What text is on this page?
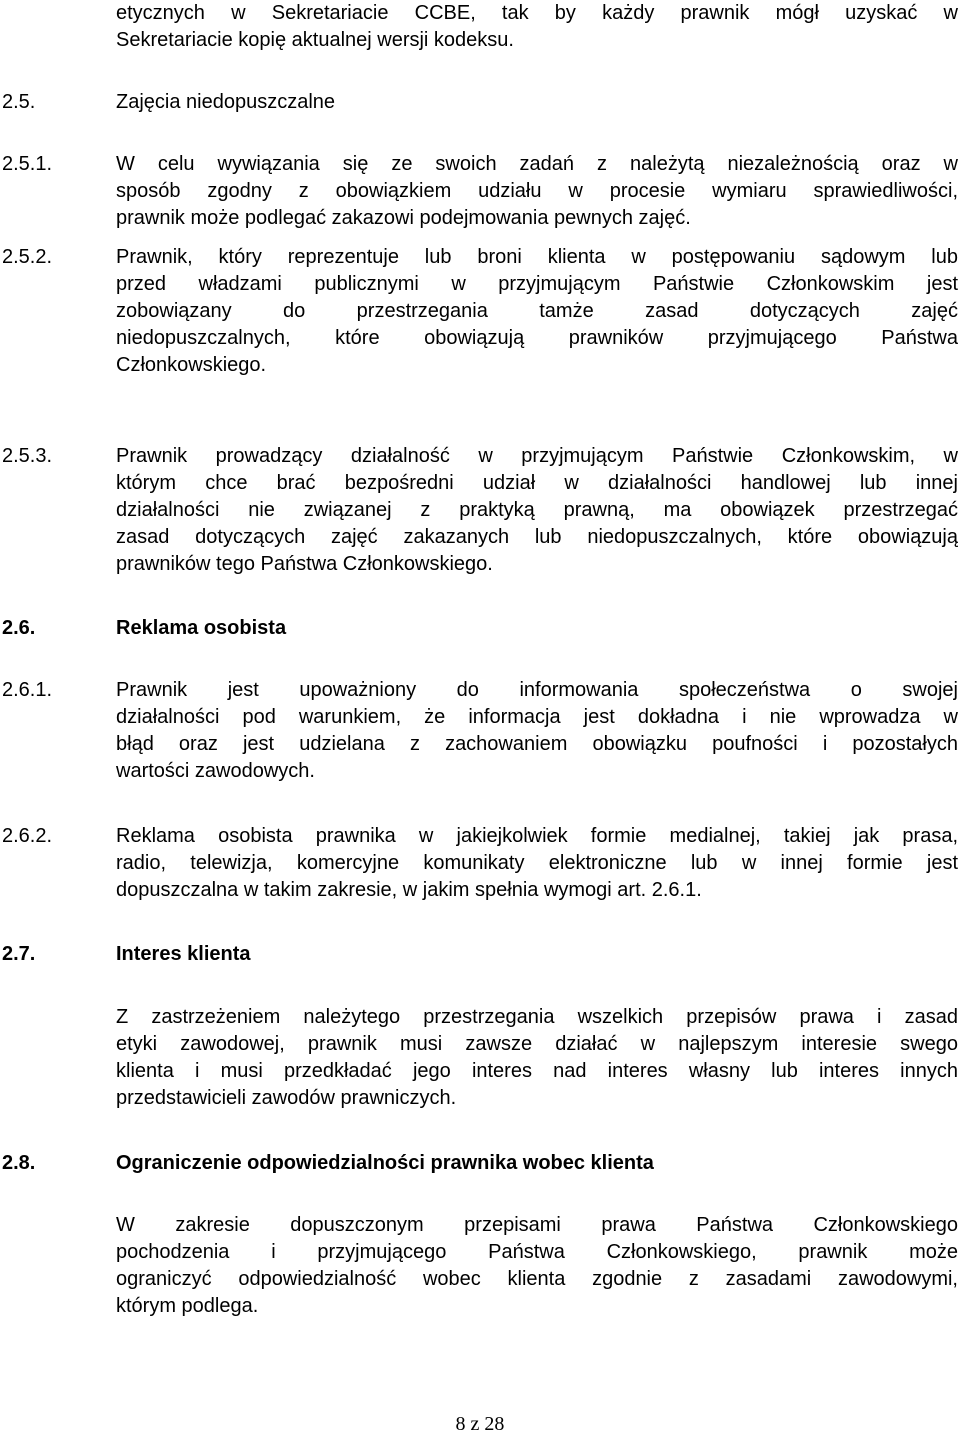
etycznych w Sekretariacie CCBE, tak by każdy prawnik mógł uzyskać w
Sekretariacie kopię aktualnej wersji kodeksu.
2.5.	Zajęcia niedopuszczalne
2.5.1.	W celu wywiązania się ze swoich zadań z należytą niezależnością oraz w
sposób zgodny z obowiązkiem udziału w procesie wymiaru sprawiedliwości,
prawnik może podlegać zakazowi podejmowania pewnych zajęć.
2.5.2.	Prawnik, który reprezentuje lub broni klienta w postępowaniu sądowym lub
przed władzami publicznymi w przyjmującym Państwie Członkowskim jest
zobowiązany do przestrzegania tamże zasad dotyczących zajęć
niedopuszczalnych, które obowiązują prawników przyjmującego Państwa
Członkowskiego.
2.5.3.	Prawnik prowadzący działalność w przyjmującym Państwie Członkowskim, w
którym chce brać bezpośredni udział w działalności handlowej lub innej
działalności nie związanej z praktyką prawną, ma obowiązek przestrzegać
zasad dotyczących zajęć zakazanych lub niedopuszczalnych, które obowiązują
prawników tego Państwa Członkowskiego.
2.6.	Reklama osobista
2.6.1.	Prawnik jest upoważniony do informowania społeczeństwa o swojej
działalności pod warunkiem, że informacja jest dokładna i nie wprowadza w
błąd oraz jest udzielana z zachowaniem obowiązku poufności i pozostałych
wartości zawodowych.
2.6.2.	Reklama osobista prawnika w jakiejkolwiek formie medialnej, takiej jak prasa,
radio, telewizja, komercyjne komunikaty elektroniczne lub w innej formie jest
dopuszczalna w takim zakresie, w jakim spełnia wymogi art. 2.6.1.
2.7.	Interes klienta
Z zastrzeżeniem należytego przestrzegania wszelkich przepisów prawa i zasad
etyki zawodowej, prawnik musi zawsze działać w najlepszym interesie swego
klienta i musi przedkładać jego interes nad interes własny lub interes innych
przedstawicieli zawodów prawniczych.
2.8.	Ograniczenie odpowiedzialności prawnika wobec klienta
W zakresie dopuszczonym przepisami prawa Państwa Członkowskiego
pochodzenia i przyjmującego Państwa Członkowskiego, prawnik może
ograniczyć odpowiedzialność wobec klienta zgodnie z zasadami zawodowymi,
którym podlega.
8 z 28
